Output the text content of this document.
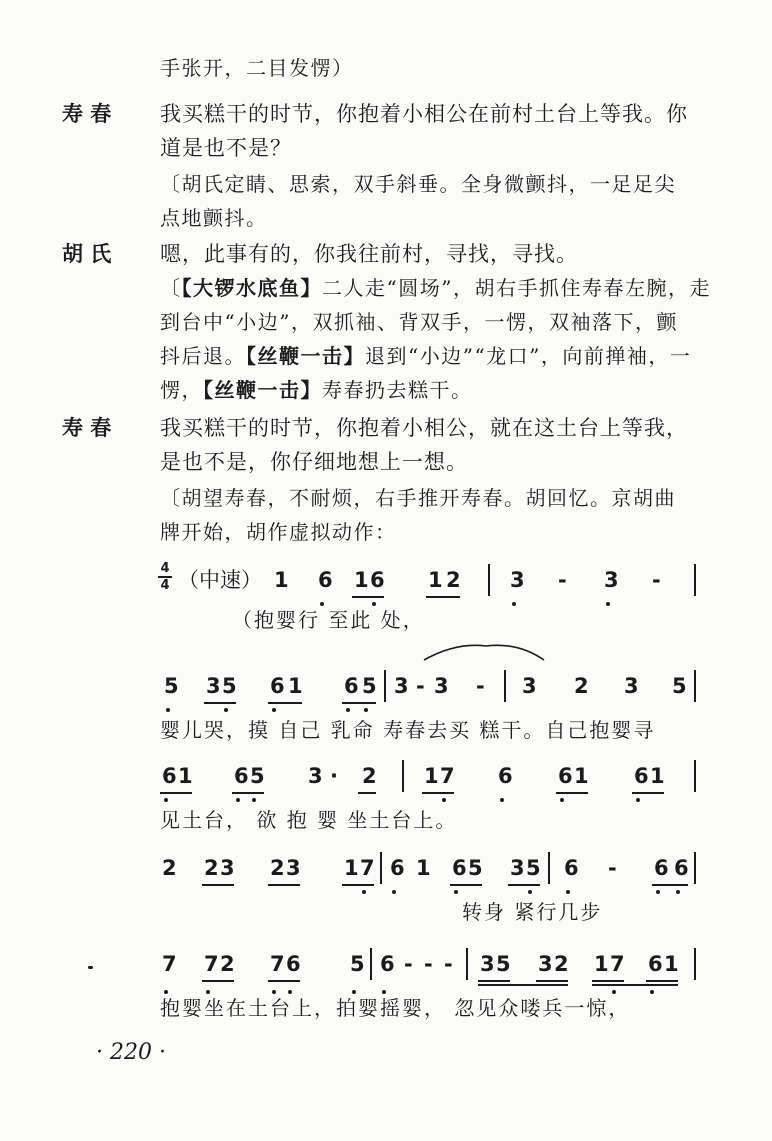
手张开，二目发愣）
寿 春 我买糕干的时节，你抱着小相公在前村土台上等我。你
道是也不是？
〔胡氏定睛、思索，双手斜垂。全身微颤抖，一足足尖
点地颤抖。
胡 氏 嗯，此事有的，你我往前村，寻找，寻找。
〔【大锣水底鱼】二人走“圆场”，胡右手抓住寿春左腕，走
到台中“小边”，双抓袖、背双手，一愣，双袖落下，颤
抖后退。【丝鞭一击】退到“小边”“龙口”，向前掸袖，一
愣，【丝鞭一击】寿春扔去糕干。
寿 春 我买糕干的时节，你抱着小相公，就在这土台上等我，
是也不是，你仔细地想上一想。
〔胡望寿春，不耐烦，右手推开寿春。胡回忆。京胡曲
牌开始，胡作虚拟动作：
4
4 （中速） 1 6 1 6 1 2 3 - 3 -
（抱婴行 至此 处，
5 3 5 6 1 6 5 3 - 3 - 3 2 3 5
婴儿哭，摸 自己 乳命 寿春去买 糕干。自己抱婴寻
6 1 6 5 3 · 2 1 7 6 6 1 6 1
见土台， 欲 抱 婴 坐土台上。
2 2 3 2 3 1 7 6 1 6 5 3 5 6 - 6 6
转身 紧行几步
7 7 2 7 6 5 6 - - - 3 5 3 2 1 7 6 1
抱婴坐在土台上，拍婴摇婴， 忽见众喽兵一惊，
· 220 ·
